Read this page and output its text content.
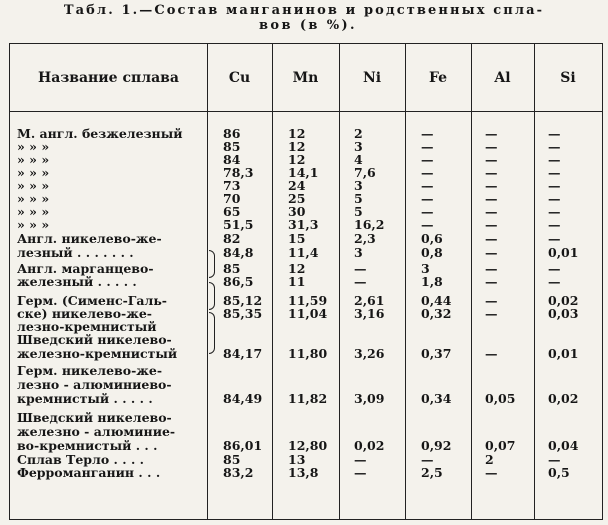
Табл. 1.—Состав манганинов и родственных спла-
вов (в %).
Название сплава	Cu	Mn	Ni	Fe	Al	Si
М. англ. безжелезный	86	12	2	—	—	—
» » »	85	12	3	—	—	—
» » »	84	12	4	—	—	—
» » »	78,3	14,1	7,6	—	—	—
» » »	73	24	3	—	—	—
» » »	70	25	5	—	—	—
» » »	65	30	5	—	—	—
» » »	51,5	31,3	16,2	—	—	—
Англ. никелево-же-	82	15	2,3	0,6	—	—
лезный . . . . . . .	84,8	11,4	3	0,8	—	0,01
Англ. марганцево-	85	12	—	3	—	—
железный . . . . .	86,5	11	—	1,8	—	—
Герм. (Сименс-Галь-	85,12 11,59 2,61	0,44	—	0,02
ске) никелево-же-	85,35 11,04 3,16	0,32	—	0,03
лезно-кремнистый
Шведский никелево-
железно-кремнистый	84,17 11,80 3,26	0,37	—	0,01
Герм. никелево-же-
лезно - алюминиево-
кремнистый . . . . .	84,49 11,82 3,09	0,34	0,05	0,02
Шведский никелево-
железно - алюминие-
во-кремнистый . . .	86,01 12,80 0,02	0,92	0,07	0,04
Сплав Терло . . . .	85	13	—	—	2	—
Ферроманганин . . .	83,2	13,8	—	2,5	—	0,5
